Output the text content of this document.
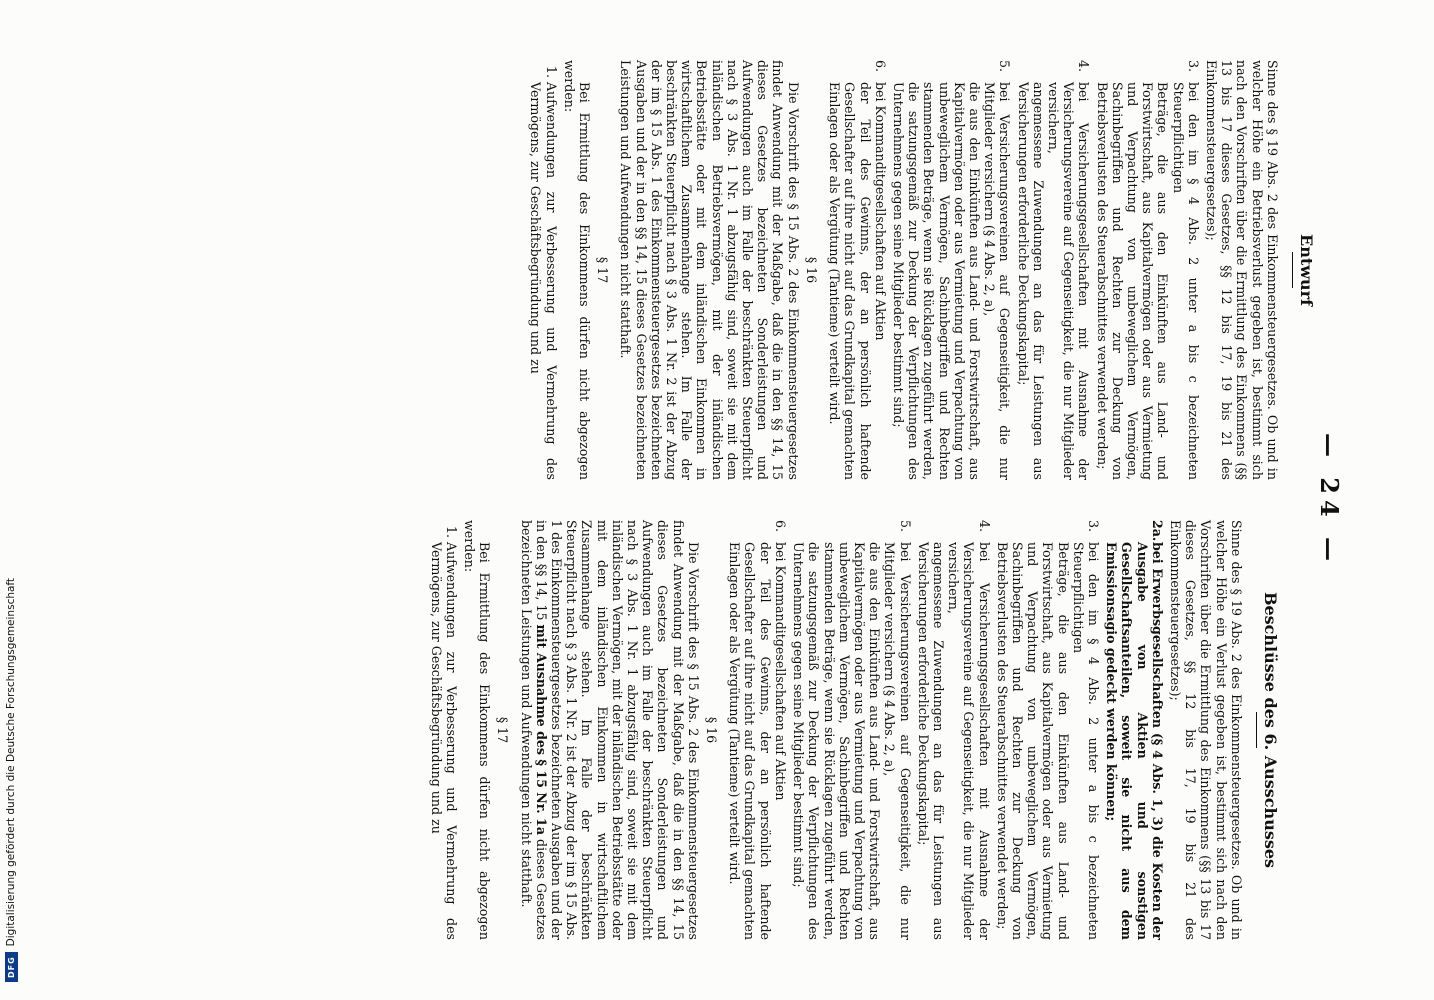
DFG
Digitalisierung gefördert durch die Deutsche Forschungsgemeinschaft
— 24 —
Entwurf

Sinne des § 19 Abs. 2 des Einkommensteuergesetzes. Ob und in welcher Höhe ein Betriebsverlust gegeben ist, bestimmt sich nach den Vorschriften über die Ermittlung des Einkommens (§§ 13 bis 17 dieses Gesetzes, §§ 12 bis 17, 19 bis 21 des Einkommensteuergesetzes);

3.
bei den im § 4 Abs. 2 unter a bis c bezeichneten Steuerpflichtigen
Beträge, die aus den Einkünften aus Land- und Forstwirtschaft, aus Kapitalvermögen oder aus Vermietung und Verpachtung von unbeweglichem Vermögen, Sachinbegriffen und Rechten zur Deckung von Betriebsverlusten des Steuerabschnittes verwendet werden;
4.
bei Versicherungsgesellschaften mit Ausnahme der Versicherungsvereine auf Gegenseitigkeit, die nur Mitglieder versichern,
angemessene Zuwendungen an das für Leistungen aus Versicherungen erforderliche Deckungskapital;
5.
bei Versicherungsvereinen auf Gegenseitigkeit, die nur Mitglieder versichern (§ 4 Abs. 2, a),
die aus den Einkünften aus Land- und Forstwirtschaft, aus Kapitalvermögen oder aus Vermietung und Verpachtung von unbeweglichem Vermögen, Sachinbegriffen und Rechten stammenden Beträge, wenn sie Rücklagen zugeführt werden, die satzungsgemäß zur Deckung der Verpflichtungen des Unternehmens gegen seine Mitglieder bestimmt sind;
6.
bei Kommanditgesellschaften auf Aktien
der Teil des Gewinns, der an persönlich haftende Gesellschafter auf ihre nicht auf das Grundkapital gemachten Einlagen oder als Vergütung (Tantieme) verteilt wird.
§ 16

Die Vorschrift des § 15 Abs. 2 des Einkommensteuergesetzes findet Anwendung mit der Maßgabe, daß die in den §§ 14, 15 dieses Gesetzes bezeichneten Sonderleistungen und Aufwendungen auch im Falle der beschränkten Steuerpflicht nach § 3 Abs. 1 Nr. 1 abzugsfähig sind, soweit sie mit dem inländischen Betriebsvermögen, mit der inländischen Betriebsstätte oder mit dem inländischen Einkommen in wirtschaftlichem Zusammenhange stehen. Im Falle der beschränkten Steuerpflicht nach § 3 Abs. 1 Nr. 2 ist der Abzug der im § 15 Abs. 1 des Einkommensteuergesetzes bezeichneten Ausgaben und der in den §§ 14, 15 dieses Gesetzes bezeichneten Leistungen und Aufwendungen nicht statthaft.

§ 17

Bei Ermittlung des Einkommens dürfen nicht abgezogen werden:

1.
Aufwendungen zur Verbesserung und Vermehrung des Vermögens, zur Geschäftsbegründung und zu
Beschlüsse des 6. Ausschusses

Sinne des § 19 Abs. 2 des Einkommensteuergesetzes. Ob und in welcher Höhe ein Verlust gegeben ist, bestimmt sich nach den Vorschriften über die Ermittlung des Einkommens (§§ 13 bis 17 dieses Gesetzes, §§ 12 bis 17, 19 bis 21 des Einkommensteuergesetzes);

2a.
bei Erwerbsgesellschaften (§ 4 Abs. 1, 3) die Kosten der Ausgabe von Aktien und sonstigen Gesellschaftsanteilen, soweit sie nicht aus dem Emissionsagio gedeckt werden können;
3.
bei den im § 4 Abs. 2 unter a bis c bezeichneten Steuerpflichtigen
Beträge, die aus den Einkünften aus Land- und Forstwirtschaft, aus Kapitalvermögen oder aus Vermietung und Verpachtung von unbeweglichem Vermögen, Sachinbegriffen und Rechten zur Deckung von Betriebsverlusten des Steuerabschnittes verwendet werden;
4.
bei Versicherungsgesellschaften mit Ausnahme der Versicherungsvereine auf Gegenseitigkeit, die nur Mitglieder versichern,
angemessene Zuwendungen an das für Leistungen aus Versicherungen erforderliche Deckungskapital;
5.
bei Versicherungsvereinen auf Gegenseitigkeit, die nur Mitglieder versichern (§ 4 Abs. 2, a),
die aus den Einkünften aus Land- und Forstwirtschaft, aus Kapitalvermögen oder aus Vermietung und Verpachtung von unbeweglichem Vermögen, Sachinbegriffen und Rechten stammenden Beträge, wenn sie Rücklagen zugeführt werden, die satzungsgemäß zur Deckung der Verpflichtungen des Unternehmens gegen seine Mitglieder bestimmt sind;
6.
bei Kommanditgesellschaften auf Aktien
der Teil des Gewinns, der an persönlich haftende Gesellschafter auf ihre nicht auf das Grundkapital gemachten Einlagen oder als Vergütung (Tantieme) verteilt wird.
§ 16

Die Vorschrift des § 15 Abs. 2 des Einkommensteuergesetzes findet Anwendung mit der Maßgabe, daß die in den §§ 14, 15 dieses Gesetzes bezeichneten Sonderleistungen und Aufwendungen auch im Falle der beschränkten Steuerpflicht nach § 3 Abs. 1 Nr. 1 abzugsfähig sind, soweit sie mit dem inländischen Vermögen, mit der inländischen Betriebsstätte oder mit dem inländischen Einkommen in wirtschaftlichem Zusammenhange stehen. Im Falle der beschränkten Steuerpflicht nach § 3 Abs. 1 Nr. 2 ist der Abzug der im § 15 Abs. 1 des Einkommensteuergesetzes bezeichneten Ausgaben und der in den §§ 14, 15 mit Ausnahme des § 15 Nr. 1a dieses Gesetzes bezeichneten Leistungen und Aufwendungen nicht statthaft.

§ 17

Bei Ermittlung des Einkommens dürfen nicht abgezogen werden:

1.
Aufwendungen zur Verbesserung und Vermehrung des Vermögens, zur Geschäftsbegründung und zu
